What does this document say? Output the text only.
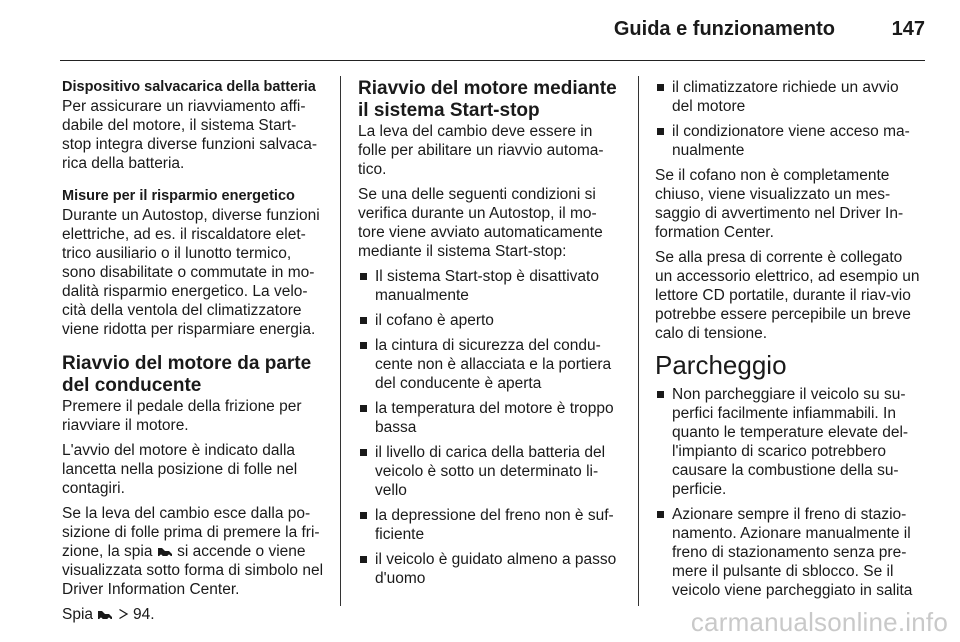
Guida e funzionamento	147
Dispositivo salvacarica della batteria
Per assicurare un riavviamento affi-dabile del motore, il sistema Start-stop integra diverse funzioni salvaca-rica della batteria.
Misure per il risparmio energetico
Durante un Autostop, diverse funzioni elettriche, ad es. il riscaldatore elet-trico ausiliario o il lunotto termico, sono disabilitate o commutate in mo-dalità risparmio energetico. La velo-cità della ventola del climatizzatore viene ridotta per risparmiare energia.
Riavvio del motore da parte del conducente

Premere il pedale della frizione per riavviare il motore.

L'avvio del motore è indicato dalla lancetta nella posizione di folle nel contagiri.

Se la leva del cambio esce dalla po-sizione di folle prima di premere la fri-zione, la spia si accende o viene visualizzata sotto forma di simbolo nel Driver Information Center.

Spia	94.

Riavvio del motore mediante il sistema Start-stop

La leva del cambio deve essere in folle per abilitare un riavvio automa-tico.

Se una delle seguenti condizioni si verifica durante un Autostop, il mo-tore viene avviato automaticamente mediante il sistema Start-stop:

Il sistema Start-stop è disattivato manualmente
il cofano è aperto
la cintura di sicurezza del condu-cente non è allacciata e la portiera del conducente è aperta
la temperatura del motore è troppo bassa
il livello di carica della batteria del veicolo è sotto un determinato li-vello
la depressione del freno non è suf-ficiente
il veicolo è guidato almeno a passo d'uomo
il climatizzatore richiede un avvio del motore
il condizionatore viene acceso ma-nualmente

Se il cofano non è completamente chiuso, viene visualizzato un mes-saggio di avvertimento nel Driver In-formation Center.

Se alla presa di corrente è collegato un accessorio elettrico, ad esempio un lettore CD portatile, durante il riav-vio potrebbe essere percepibile un breve calo di tensione.

Parcheggio
Non parcheggiare il veicolo su su-perfici facilmente infiammabili. In quanto le temperature elevate del-l'impianto di scarico potrebbero causare la combustione della su-perficie.
Azionare sempre il freno di stazio-namento. Azionare manualmente il freno di stazionamento senza pre-mere il pulsante di sblocco. Se il veicolo viene parcheggiato in salita
carmanualsonline.info
